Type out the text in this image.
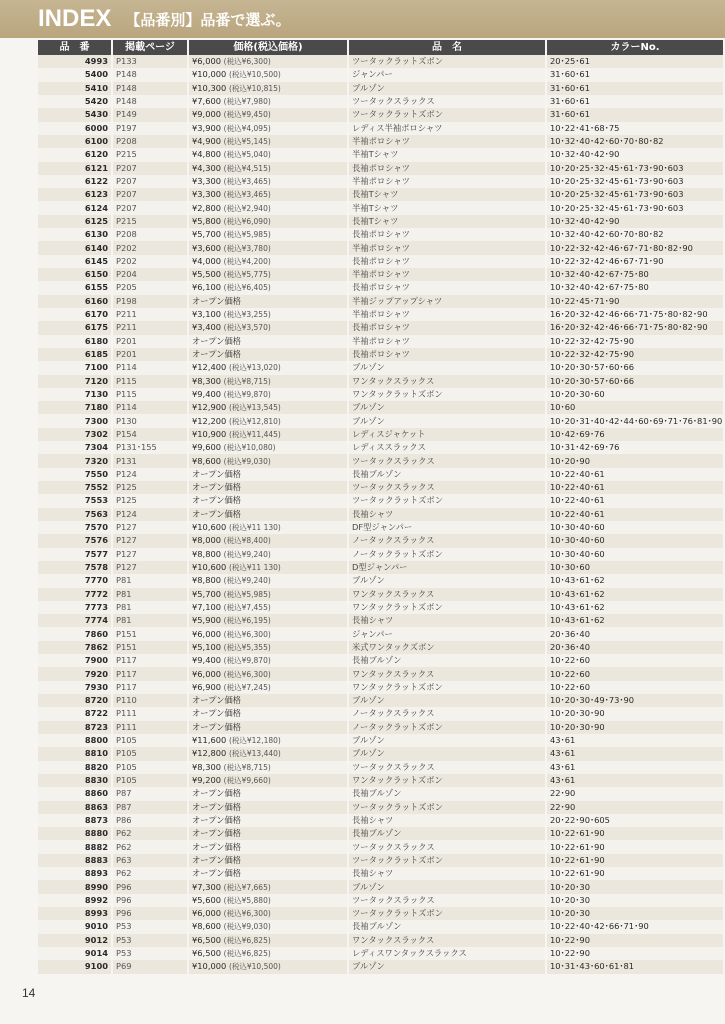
INDEX 【品番別】品番で選ぶ。
品　番	掲載ページ	価格(税込価格)	品　名	カラーNo.
4993	P133	¥6,000 (税込¥6,300)	ツータックラットズボン	20･25･61
5400	P148	¥10,000 (税込¥10,500)	ジャンパー	31･60･61
5410	P148	¥10,300 (税込¥10,815)	ブルゾン	31･60･61
5420	P148	¥7,600 (税込¥7,980)	ツータックスラックス	31･60･61
5430	P149	¥9,000 (税込¥9,450)	ツータックラットズボン	31･60･61
6000	P197	¥3,900 (税込¥4,095)	レディス半袖ポロシャツ	10･22･41･68･75
6100	P208	¥4,900 (税込¥5,145)	半袖ポロシャツ	10･32･40･42･60･70･80･82
6120	P215	¥4,800 (税込¥5,040)	半袖Tシャツ	10･32･40･42･90
6121	P207	¥4,300 (税込¥4,515)	長袖ポロシャツ	10･20･25･32･45･61･73･90･603
6122	P207	¥3,300 (税込¥3,465)	半袖ポロシャツ	10･20･25･32･45･61･73･90･603
6123	P207	¥3,300 (税込¥3,465)	長袖Tシャツ	10･20･25･32･45･61･73･90･603
6124	P207	¥2,800 (税込¥2,940)	半袖Tシャツ	10･20･25･32･45･61･73･90･603
6125	P215	¥5,800 (税込¥6,090)	長袖Tシャツ	10･32･40･42･90
6130	P208	¥5,700 (税込¥5,985)	長袖ポロシャツ	10･32･40･42･60･70･80･82
6140	P202	¥3,600 (税込¥3,780)	半袖ポロシャツ	10･22･32･42･46･67･71･80･82･90
6145	P202	¥4,000 (税込¥4,200)	長袖ポロシャツ	10･22･32･42･46･67･71･90
6150	P204	¥5,500 (税込¥5,775)	半袖ポロシャツ	10･32･40･42･67･75･80
6155	P205	¥6,100 (税込¥6,405)	長袖ポロシャツ	10･32･40･42･67･75･80
6160	P198	オープン価格	半袖ジップアップシャツ	10･22･45･71･90
6170	P211	¥3,100 (税込¥3,255)	半袖ポロシャツ	16･20･32･42･46･66･71･75･80･82･90
6175	P211	¥3,400 (税込¥3,570)	長袖ポロシャツ	16･20･32･42･46･66･71･75･80･82･90
6180	P201	オープン価格	半袖ポロシャツ	10･22･32･42･75･90
6185	P201	オープン価格	長袖ポロシャツ	10･22･32･42･75･90
7100	P114	¥12,400 (税込¥13,020)	ブルゾン	10･20･30･57･60･66
7120	P115	¥8,300 (税込¥8,715)	ワンタックスラックス	10･20･30･57･60･66
7130	P115	¥9,400 (税込¥9,870)	ワンタックラットズボン	10･20･30･60
7180	P114	¥12,900 (税込¥13,545)	ブルゾン	10･60
7300	P130	¥12,200 (税込¥12,810)	ブルゾン	10･20･31･40･42･44･60･69･71･76･81･90
7302	P154	¥10,900 (税込¥11,445)	レディスジャケット	10･42･69･76
7304	P131･155	¥9,600 (税込¥10,080)	レディススラックス	10･31･42･69･76
7320	P131	¥8,600 (税込¥9,030)	ツータックスラックス	10･20･90
7550	P124	オープン価格	長袖ブルゾン	10･22･40･61
7552	P125	オープン価格	ツータックスラックス	10･22･40･61
7553	P125	オープン価格	ツータックラットズボン	10･22･40･61
7563	P124	オープン価格	長袖シャツ	10･22･40･61
7570	P127	¥10,600 (税込¥11 130)	DF型ジャンパー	10･30･40･60
7576	P127	¥8,000 (税込¥8,400)	ノータックスラックス	10･30･40･60
7577	P127	¥8,800 (税込¥9,240)	ノータックラットズボン	10･30･40･60
7578	P127	¥10,600 (税込¥11 130)	D型ジャンパー	10･30･60
7770	P81	¥8,800 (税込¥9,240)	ブルゾン	10･43･61･62
7772	P81	¥5,700 (税込¥5,985)	ワンタックスラックス	10･43･61･62
7773	P81	¥7,100 (税込¥7,455)	ワンタックラットズボン	10･43･61･62
7774	P81	¥5,900 (税込¥6,195)	長袖シャツ	10･43･61･62
7860	P151	¥6,000 (税込¥6,300)	ジャンパー	20･36･40
7862	P151	¥5,100 (税込¥5,355)	米式ワンタックズボン	20･36･40
7900	P117	¥9,400 (税込¥9,870)	長袖ブルゾン	10･22･60
7920	P117	¥6,000 (税込¥6,300)	ワンタックスラックス	10･22･60
7930	P117	¥6,900 (税込¥7,245)	ワンタックラットズボン	10･22･60
8720	P110	オープン価格	ブルゾン	10･20･30･49･73･90
8722	P111	オープン価格	ノータックスラックス	10･20･30･90
8723	P111	オープン価格	ノータックラットズボン	10･20･30･90
8800	P105	¥11,600 (税込¥12,180)	ブルゾン	43･61
8810	P105	¥12,800 (税込¥13,440)	ブルゾン	43･61
8820	P105	¥8,300 (税込¥8,715)	ツータックスラックス	43･61
8830	P105	¥9,200 (税込¥9,660)	ワンタックラットズボン	43･61
8860	P87	オープン価格	長袖ブルゾン	22･90
8863	P87	オープン価格	ツータックラットズボン	22･90
8873	P86	オープン価格	長袖シャツ	20･22･90･605
8880	P62	オープン価格	長袖ブルゾン	10･22･61･90
8882	P62	オープン価格	ツータックスラックス	10･22･61･90
8883	P63	オープン価格	ツータックラットズボン	10･22･61･90
8893	P62	オープン価格	長袖シャツ	10･22･61･90
8990	P96	¥7,300 (税込¥7,665)	ブルゾン	10･20･30
8992	P96	¥5,600 (税込¥5,880)	ツータックスラックス	10･20･30
8993	P96	¥6,000 (税込¥6,300)	ツータックラットズボン	10･20･30
9010	P53	¥8,600 (税込¥9,030)	長袖ブルゾン	10･22･40･42･66･71･90
9012	P53	¥6,500 (税込¥6,825)	ワンタックスラックス	10･22･90
9014	P53	¥6,500 (税込¥6,825)	レディスワンタックスラックス	10･22･90
9100	P69	¥10,000 (税込¥10,500)	ブルゾン	10･31･43･60･61･81
14
